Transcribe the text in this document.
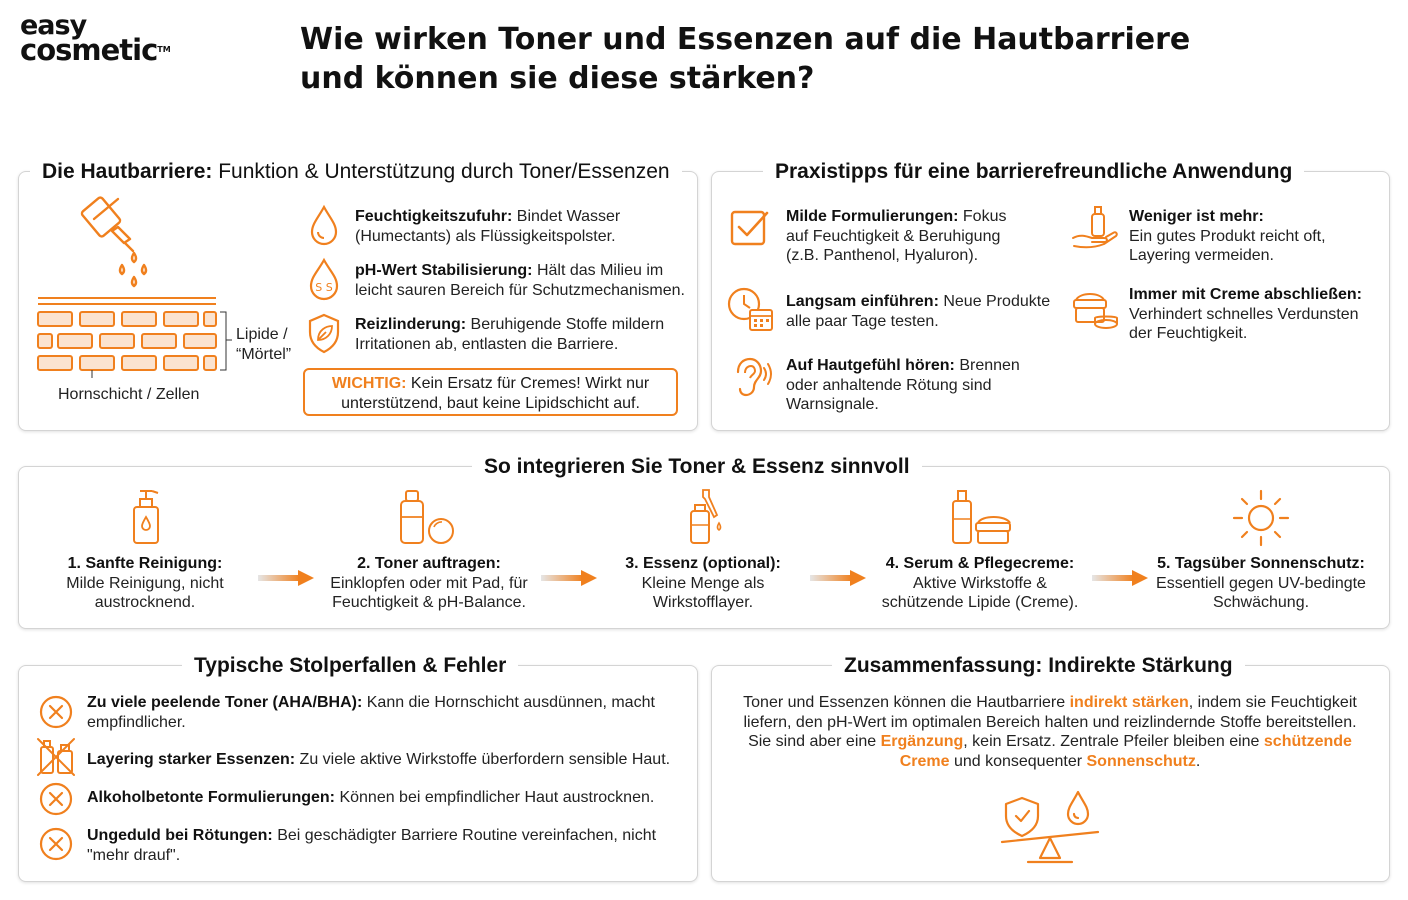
easy
cosmetic™	Wie wirken Toner und Essenzen auf die Hautbarriere und können sie diese stärken?
Die Hautbarriere: Funktion & Unterstützung durch Toner/Essenzen
Lipide /
“Mörtel”
Hornschicht / Zellen
Feuchtigkeitszufuhr: Bindet Wasser (Humectants) als Flüssigkeitspolster.
S S
pH-Wert Stabilisierung: Hält das Milieu im leicht sauren Bereich für Schutzmechanismen.
Reizlinderung: Beruhigende Stoffe mildern Irritationen ab, entlasten die Barriere.
WICHTIG: Kein Ersatz für Cremes! Wirkt nur unterstützend, baut keine Lipidschicht auf.
Praxistipps für eine barrierefreundliche Anwendung
Milde Formulierungen: Fokus auf Feuchtigkeit & Beruhigung (z.B. Panthenol, Hyaluron).
Langsam einführen: Neue Produkte alle paar Tage testen.
Auf Hautgefühl hören: Brennen oder anhaltende Rötung sind Warnsignale.
Weniger ist mehr:
Ein gutes Produkt reicht oft, Layering vermeiden.
Immer mit Creme abschließen:
Verhindert schnelles Verdunsten der Feuchtigkeit.
So integrieren Sie Toner & Essenz sinnvoll
1. Sanfte Reinigung:
Milde Reinigung, nicht austrocknend.
2. Toner auftragen:
Einklopfen oder mit Pad, für Feuchtigkeit & pH-Balance.
3. Essenz (optional):
Kleine Menge als Wirkstofflayer.
4. Serum & Pflegecreme:
Aktive Wirkstoffe & schützende Lipide (Creme).
5. Tagsüber Sonnenschutz:
Essentiell gegen UV-bedingte Schwächung.
Typische Stolperfallen & Fehler
Zu viele peelende Toner (AHA/BHA): Kann die Hornschicht ausdünnen, macht empfindlicher.
Layering starker Essenzen: Zu viele aktive Wirkstoffe überfordern sensible Haut.
Alkoholbetonte Formulierungen: Können bei empfindlicher Haut austrocknen.
Ungeduld bei Rötungen: Bei geschädigter Barriere Routine vereinfachen, nicht "mehr drauf".
Zusammenfassung: Indirekte Stärkung
Toner und Essenzen können die Hautbarriere indirekt stärken, indem sie Feuchtigkeit liefern, den pH-Wert im optimalen Bereich halten und reizlindernde Stoffe bereitstellen. Sie sind aber eine Ergänzung, kein Ersatz. Zentrale Pfeiler bleiben eine schützende Creme und konsequenter Sonnenschutz.
